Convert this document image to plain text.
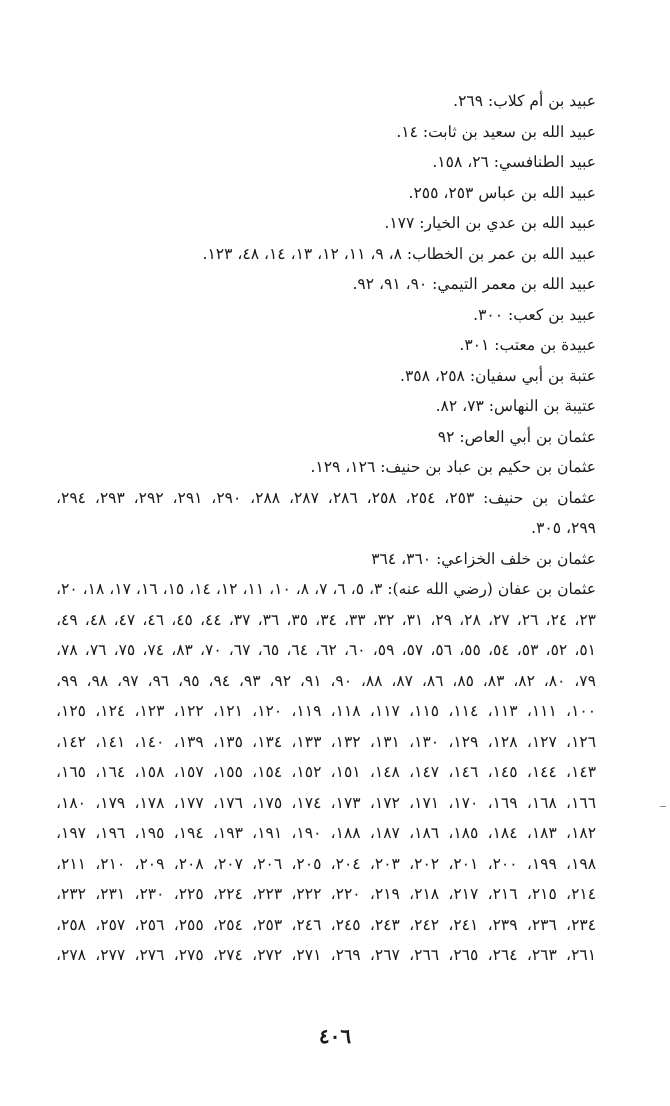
عبيد بن أم كلاب: ٢٦٩.
عبيد الله بن سعيد بن ثابت: ١٤.
عبيد الطنافسي: ٢٦، ١٥٨.
عبيد الله بن عباس ٢٥٣، ٢٥٥.
عبيد الله بن عدي بن الخيار: ١٧٧.
عبيد الله بن عمر بن الخطاب: ٨، ٩، ١١، ١٢، ١٣، ١٤، ٤٨، ١٢٣.
عبيد الله بن معمر التيمي: ٩٠، ٩١، ٩٢.
عبيد بن كعب: ٣٠٠.
عبيدة بن معتب: ٣٠١.
عتبة بن أبي سفيان: ٢٥٨، ٣٥٨.
عتيبة بن النهاس: ٧٣، ٨٢.
عثمان بن أبي العاص: ٩٢
عثمان بن حكيم بن عباد بن حنيف: ١٢٦، ١٢٩.
عثمان بن حنيف: ٢٥٣، ٢٥٤، ٢٥٨، ٢٨٦، ٢٨٧، ٢٨٨، ٢٩٠، ٢٩١، ٢٩٢، ٢٩٣، ٢٩٤،
٢٩٩، ٣٠٥.
عثمان بن خلف الخزاعي: ٣٦٠، ٣٦٤
عثمان بن عفان (رضي الله عنه): ٣، ٥، ٦، ٧، ٨، ١٠، ١١، ١٢، ١٤، ١٥، ١٦، ١٧، ١٨، ٢٠،
٢٣، ٢٤، ٢٦، ٢٧، ٢٨، ٢٩، ٣١، ٣٢، ٣٣، ٣٤، ٣٥، ٣٦، ٣٧، ٤٤، ٤٥، ٤٦، ٤٧، ٤٨، ٤٩،
٥١، ٥٢، ٥٣، ٥٤، ٥٥، ٥٦، ٥٧، ٥٩، ٦٠، ٦٢، ٦٤، ٦٥، ٦٧، ٧٠، ٨٣، ٧٤، ٧٥، ٧٦، ٧٨،
٧٩، ٨٠، ٨٢، ٨٣، ٨٥، ٨٦، ٨٧، ٨٨، ٩٠، ٩١، ٩٢، ٩٣، ٩٤، ٩٥، ٩٦، ٩٧، ٩٨، ٩٩،
١٠٠، ١١١، ١١٣، ١١٤، ١١٥، ١١٧، ١١٨، ١١٩، ١٢٠، ١٢١، ١٢٢، ١٢٣، ١٢٤، ١٢٥،
١٢٦، ١٢٧، ١٢٨، ١٢٩، ١٣٠، ١٣١، ١٣٢، ١٣٣، ١٣٤، ١٣٥، ١٣٩، ١٤٠، ١٤١، ١٤٢،
١٤٣، ١٤٤، ١٤٥، ١٤٦، ١٤٧، ١٤٨، ١٥١، ١٥٢، ١٥٤، ١٥٥، ١٥٧، ١٥٨، ١٦٤، ١٦٥،
١٦٦، ١٦٨، ١٦٩، ١٧٠، ١٧١، ١٧٢، ١٧٣، ١٧٤، ١٧٥، ١٧٦، ١٧٧، ١٧٨، ١٧٩، ١٨٠،
١٨٢، ١٨٣، ١٨٤، ١٨٥، ١٨٦، ١٨٧، ١٨٨، ١٩٠، ١٩١، ١٩٣، ١٩٤، ١٩٥، ١٩٦، ١٩٧،
١٩٨، ١٩٩، ٢٠٠، ٢٠١، ٢٠٢، ٢٠٣، ٢٠٤، ٢٠٥، ٢٠٦، ٢٠٧، ٢٠٨، ٢٠٩، ٢١٠، ٢١١،
٢١٤، ٢١٥، ٢١٦، ٢١٧، ٢١٨، ٢١٩، ٢٢٠، ٢٢٢، ٢٢٣، ٢٢٤، ٢٢٥، ٢٣٠، ٢٣١، ٢٣٢،
٢٣٤، ٢٣٦، ٢٣٩، ٢٤١، ٢٤٢، ٢٤٣، ٢٤٥، ٢٤٦، ٢٥٣، ٢٥٤، ٢٥٥، ٢٥٦، ٢٥٧، ٢٥٨،
٢٦١، ٢٦٣، ٢٦٤، ٢٦٥، ٢٦٦، ٢٦٧، ٢٦٩، ٢٧١، ٢٧٢، ٢٧٤، ٢٧٥، ٢٧٦، ٢٧٧، ٢٧٨،
٤٠٦
